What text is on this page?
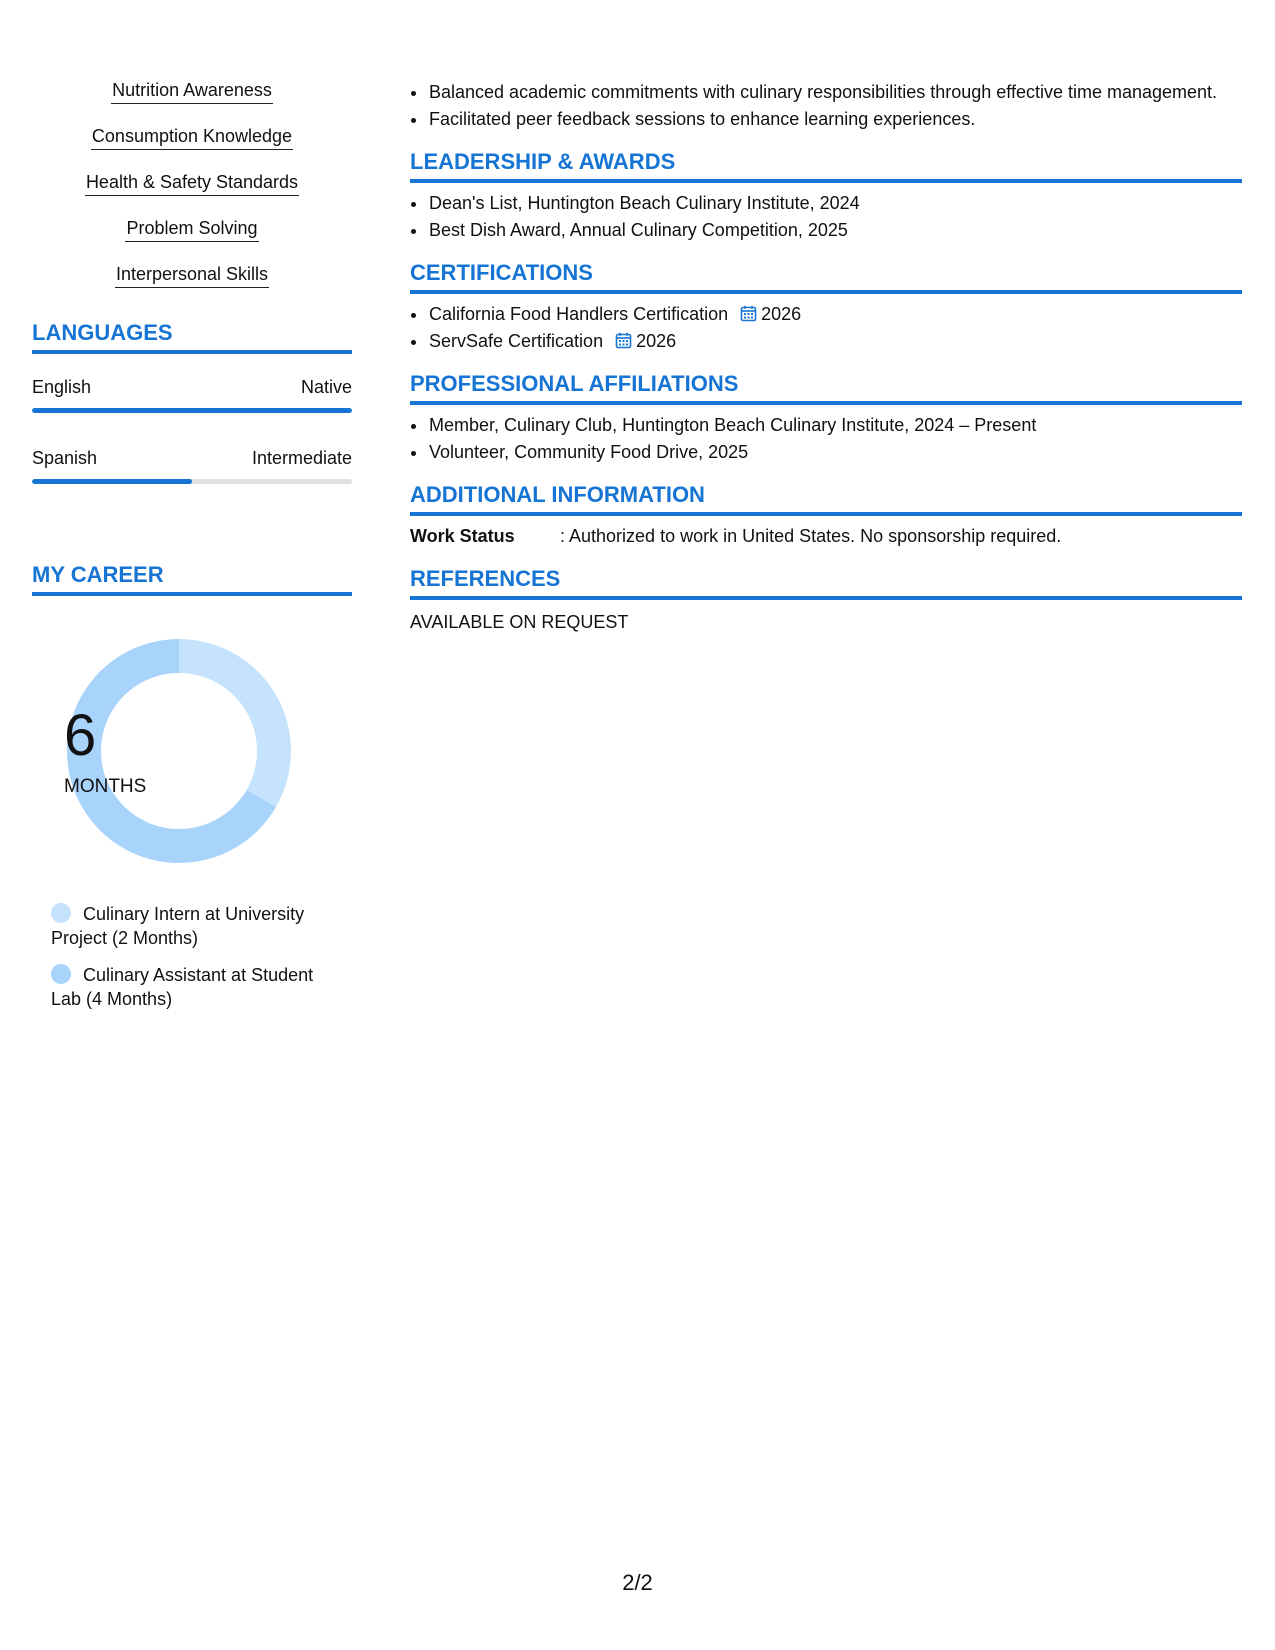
Nutrition Awareness
Consumption Knowledge
Health & Safety Standards
Problem Solving
Interpersonal Skills
LANGUAGES
English	Native
Spanish	Intermediate
MY CAREER
6
MONTHS
Culinary Intern at University Project (2 Months)
Culinary Assistant at Student Lab (4 Months)
• Balanced academic commitments with culinary responsibilities through effective time management.
• Facilitated peer feedback sessions to enhance learning experiences.
LEADERSHIP & AWARDS
• Dean's List, Huntington Beach Culinary Institute, 2024
• Best Dish Award, Annual Culinary Competition, 2025
CERTIFICATIONS
• California Food Handlers Certification 2026
• ServSafe Certification 2026
PROFESSIONAL AFFILIATIONS
• Member, Culinary Club, Huntington Beach Culinary Institute, 2024 – Present
• Volunteer, Community Food Drive, 2025
ADDITIONAL INFORMATION
Work Status	: Authorized to work in United States. No sponsorship required.
REFERENCES
AVAILABLE ON REQUEST
2/2
